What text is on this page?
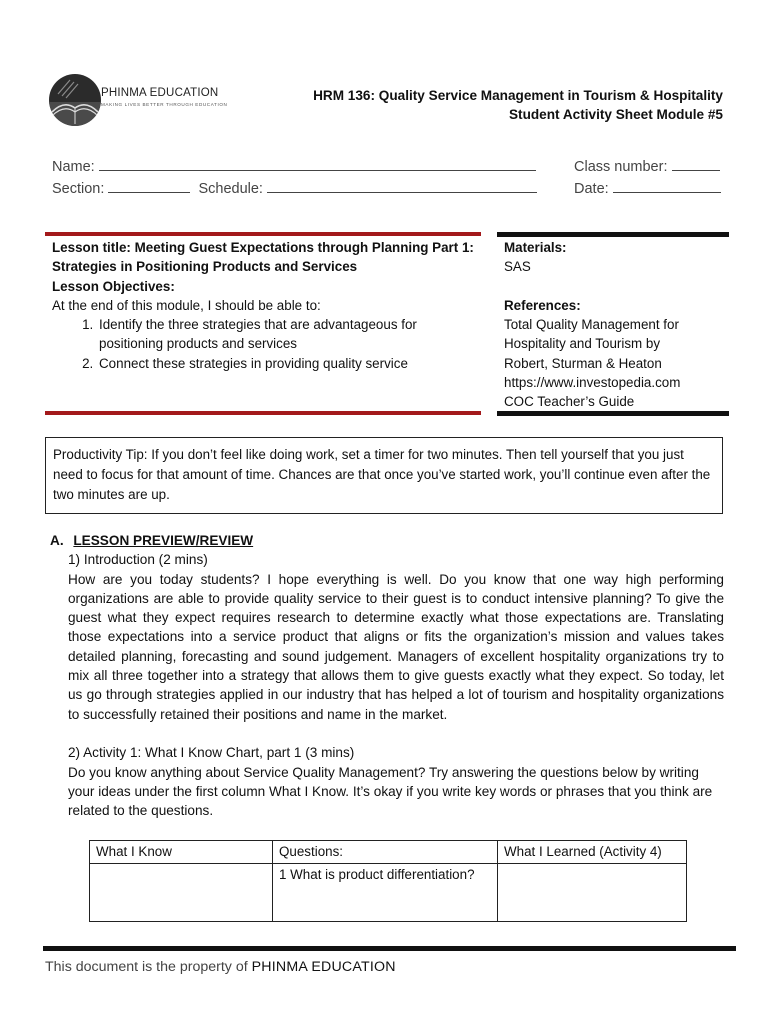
PHINMA EDUCATION
MAKING LIVES BETTER THROUGH EDUCATION
HRM 136: Quality Service Management in Tourism & Hospitality
Student Activity Sheet Module #5
Name:	Class number:
Section:	Schedule:	Date:
Lesson title: Meeting Guest Expectations through Planning Part 1:
Strategies in Positioning Products and Services
Lesson Objectives:
At the end of this module, I should be able to:
1. Identify the three strategies that are advantageous for positioning products and services
2. Connect these strategies in providing quality service
Materials:
SAS
References:
Total Quality Management for
Hospitality and Tourism by
Robert, Sturman & Heaton
https://www.investopedia.com
COC Teacher’s Guide
Productivity Tip: If you don’t feel like doing work, set a timer for two minutes. Then tell yourself that you just need to focus for that amount of time. Chances are that once you’ve started work, you’ll continue even after the two minutes are up.
A. LESSON PREVIEW/REVIEW
1) Introduction (2 mins)

How are you today students? I hope everything is well. Do you know that one way high performing organizations are able to provide quality service to their guest is to conduct intensive planning? To give the guest what they expect requires research to determine exactly what those expectations are. Translating those expectations into a service product that aligns or fits the organization’s mission and values takes detailed planning, forecasting and sound judgement. Managers of excellent hospitality organizations try to mix all three together into a strategy that allows them to give guests exactly what they expect. So today, let us go through strategies applied in our industry that has helped a lot of tourism and hospitality organizations to successfully retained their positions and name in the market.

2) Activity 1: What I Know Chart, part 1 (3 mins)

Do you know anything about Service Quality Management? Try answering the questions below by writing your ideas under the first column What I Know. It’s okay if you write key words or phrases that you think are related to the questions.

What I Know	Questions:	What I Learned (Activity 4)
	1 What is product differentiation?	
This document is the property of PHINMA EDUCATION
